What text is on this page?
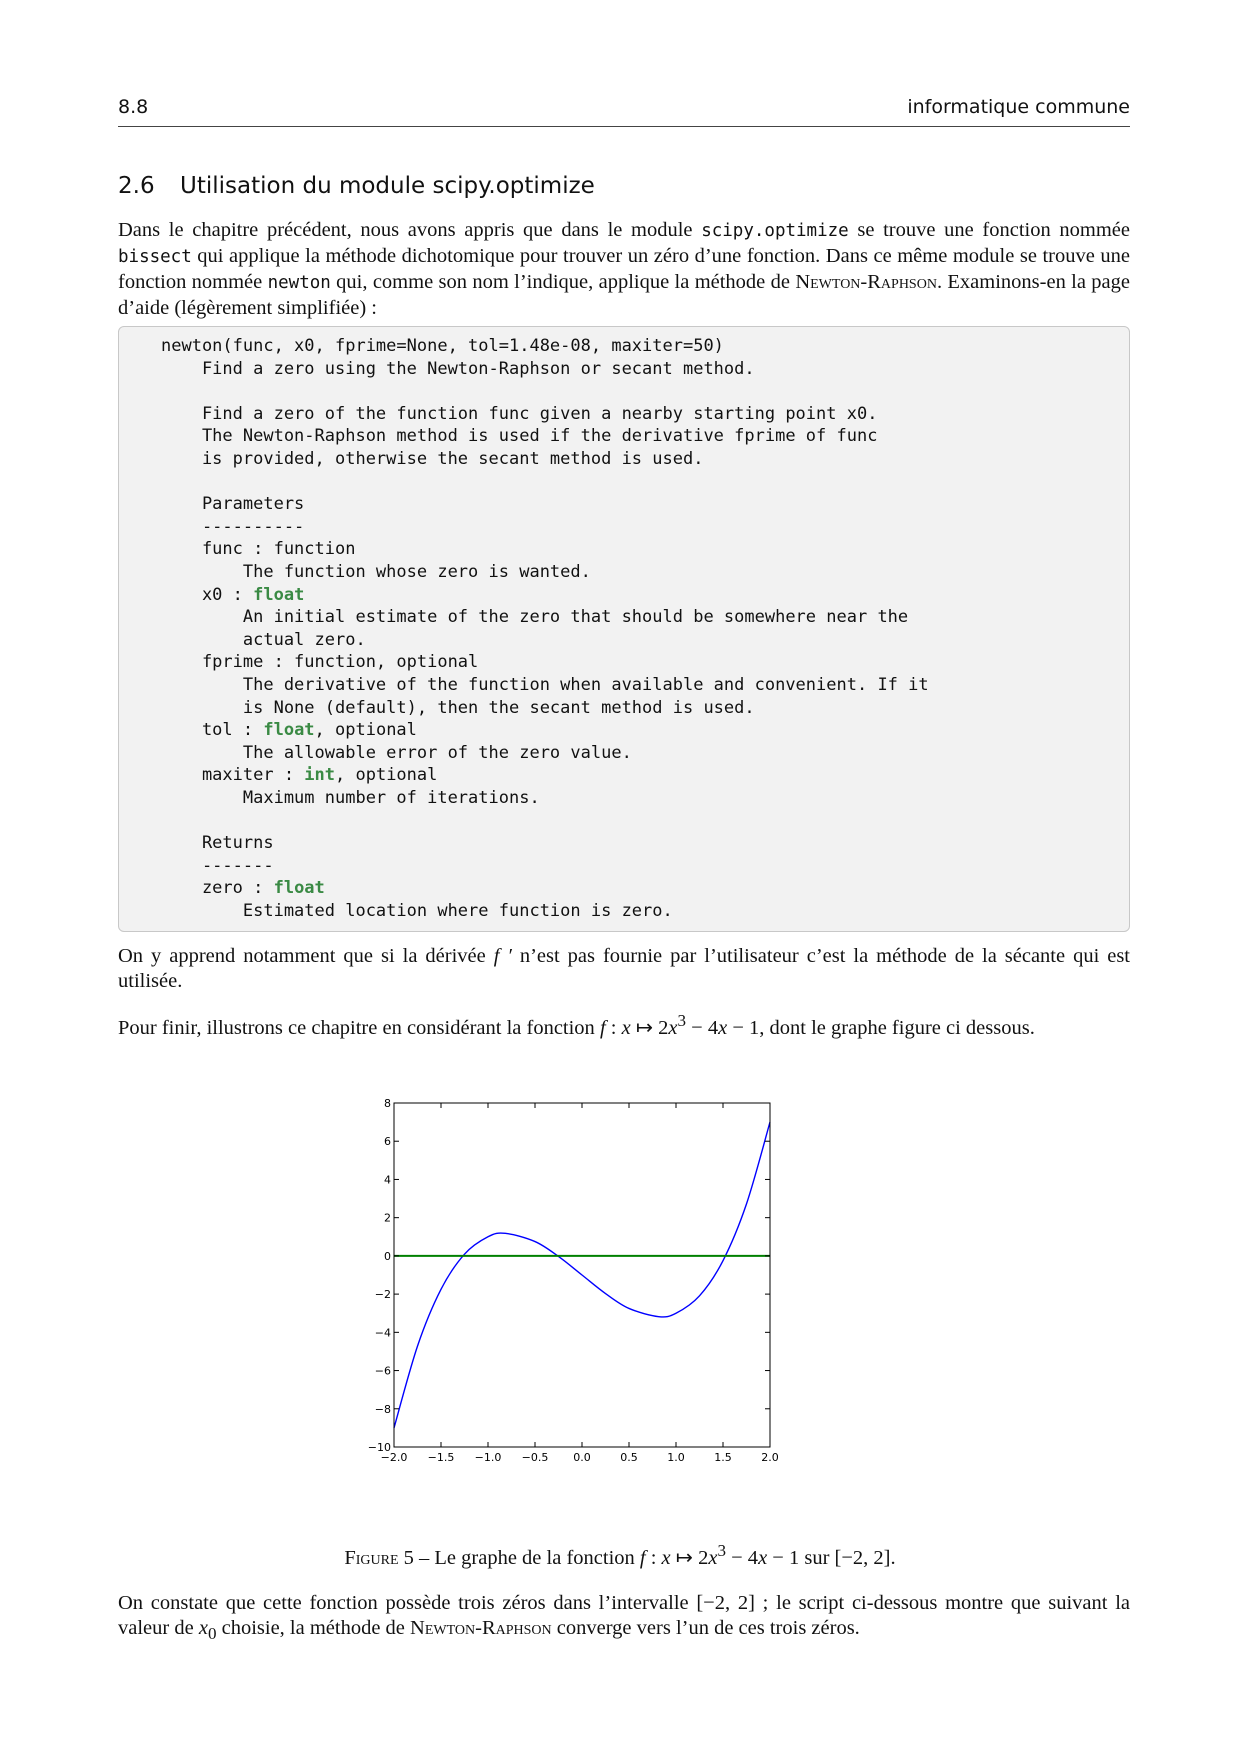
8.8	informatique commune
2.6 Utilisation du module scipy.optimize

Dans le chapitre précédent, nous avons appris que dans le module scipy.optimize se trouve une fonction nommée bissect qui applique la méthode dichotomique pour trouver un zéro d’une fonction. Dans ce même module se trouve une fonction nommée newton qui, comme son nom l’indique, applique la méthode de Newton-Raphson. Examinons-en la page d’aide (légèrement simplifiée) :

newton(func, x0, fprime=None, tol=1.48e-08, maxiter=50)
Find a zero using the Newton-Raphson or secant method.

Find a zero of the function func given a nearby starting point x0.
The Newton-Raphson method is used if the derivative fprime of func
is provided, otherwise the secant method is used.

Parameters
----------
func : function
The function whose zero is wanted.
x0 : float
An initial estimate of the zero that should be somewhere near the
actual zero.
fprime : function, optional
The derivative of the function when available and convenient. If it
is None (default), then the secant method is used.
tol : float, optional
The allowable error of the zero value.
maxiter : int, optional
Maximum number of iterations.

Returns
-------
zero : float
Estimated location where function is zero.

On y apprend notamment que si la dérivée f ′ n’est pas fournie par l’utilisateur c’est la méthode de la sécante qui est utilisée.

Pour finir, illustrons ce chapitre en considérant la fonction f : x ↦ $2x^3 - 4x - 1$, dont le graphe figure ci dessous.

−2.0 −1.5 −1.0 −0.5 0.0	0.5	1.0	1.5	2.0
−10
−8
−6
−4
−2
0
2
4
6
8
Figure 5 – Le graphe de la fonction f : x ↦ $2x^3 - 4x - 1$ sur [−2, 2].

On constate que cette fonction possède trois zéros dans l’intervalle [−2, 2] ; le script ci-dessous montre que suivant la valeur de $x_0$ choisie, la méthode de Newton-Raphson converge vers l’un de ces trois zéros.
